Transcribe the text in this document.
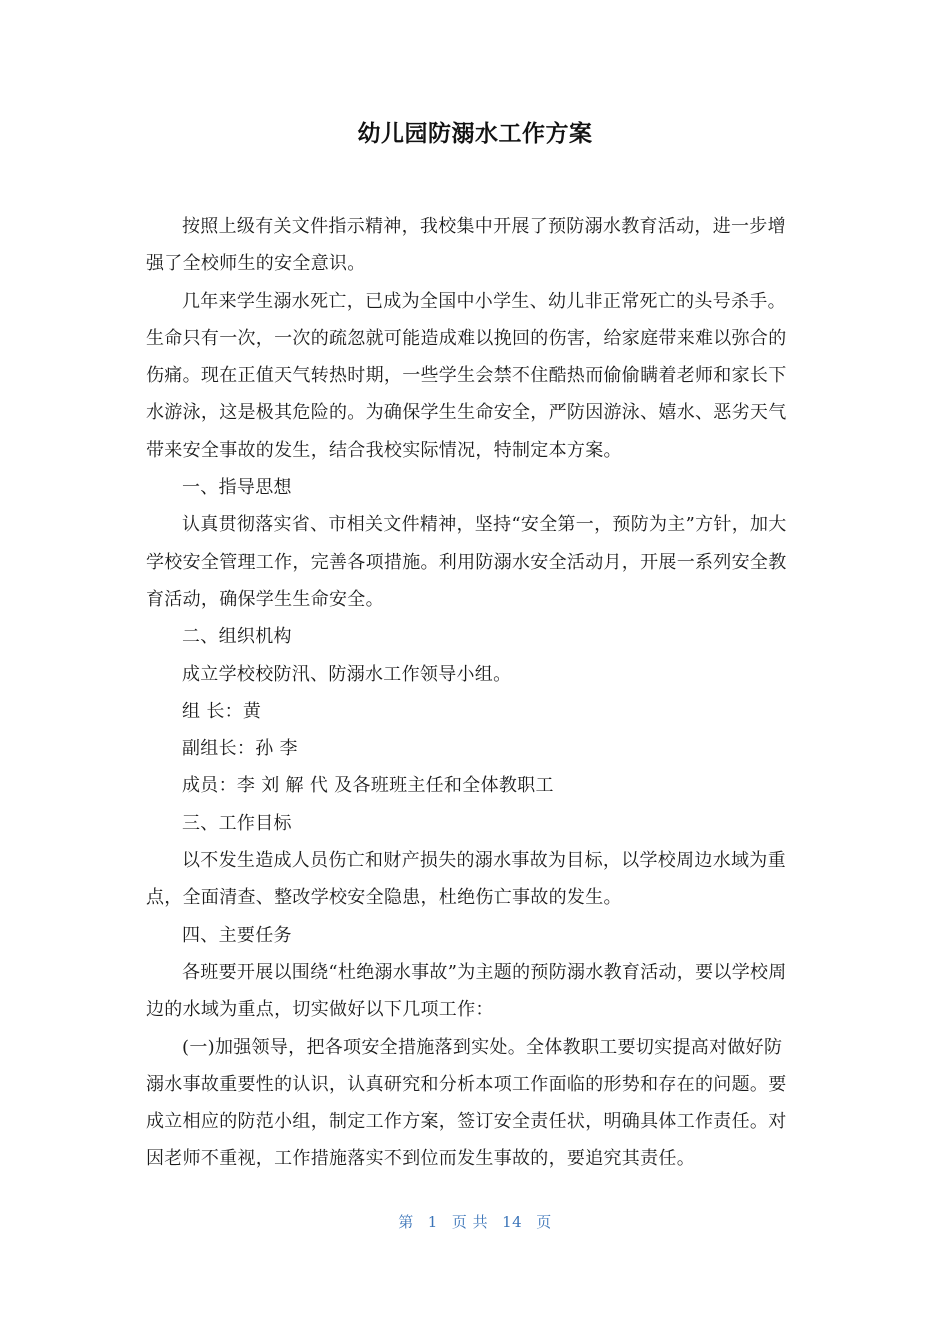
幼儿园防溺水工作方案

按照上级有关文件指示精神，我校集中开展了预防溺水教育活动，进一步增强了全校师生的安全意识。

几年来学生溺水死亡，已成为全国中小学生、幼儿非正常死亡的头号杀手。生命只有一次，一次的疏忽就可能造成难以挽回的伤害，给家庭带来难以弥合的伤痛。现在正值天气转热时期，一些学生会禁不住酷热而偷偷瞒着老师和家长下水游泳，这是极其危险的。为确保学生生命安全，严防因游泳、嬉水、恶劣天气带来安全事故的发生，结合我校实际情况，特制定本方案。

一、指导思想

认真贯彻落实省、市相关文件精神，坚持“安全第一，预防为主”方针，加大学校安全管理工作，完善各项措施。利用防溺水安全活动月，开展一系列安全教育活动，确保学生生命安全。

二、组织机构

成立学校校防汛、防溺水工作领导小组。

组 长：黄

副组长：孙 李

成员：李 刘 解 代 及各班班主任和全体教职工

三、工作目标

以不发生造成人员伤亡和财产损失的溺水事故为目标，以学校周边水域为重点，全面清查、整改学校安全隐患，杜绝伤亡事故的发生。

四、主要任务

各班要开展以围绕“杜绝溺水事故”为主题的预防溺水教育活动，要以学校周边的水域为重点，切实做好以下几项工作：

(一)加强领导，把各项安全措施落到实处。全体教职工要切实提高对做好防溺水事故重要性的认识，认真研究和分析本项工作面临的形势和存在的问题。要成立相应的防范小组，制定工作方案，签订安全责任状，明确具体工作责任。对因老师不重视，工作措施落实不到位而发生事故的，要追究其责任。

第 1 页 共 14 页
